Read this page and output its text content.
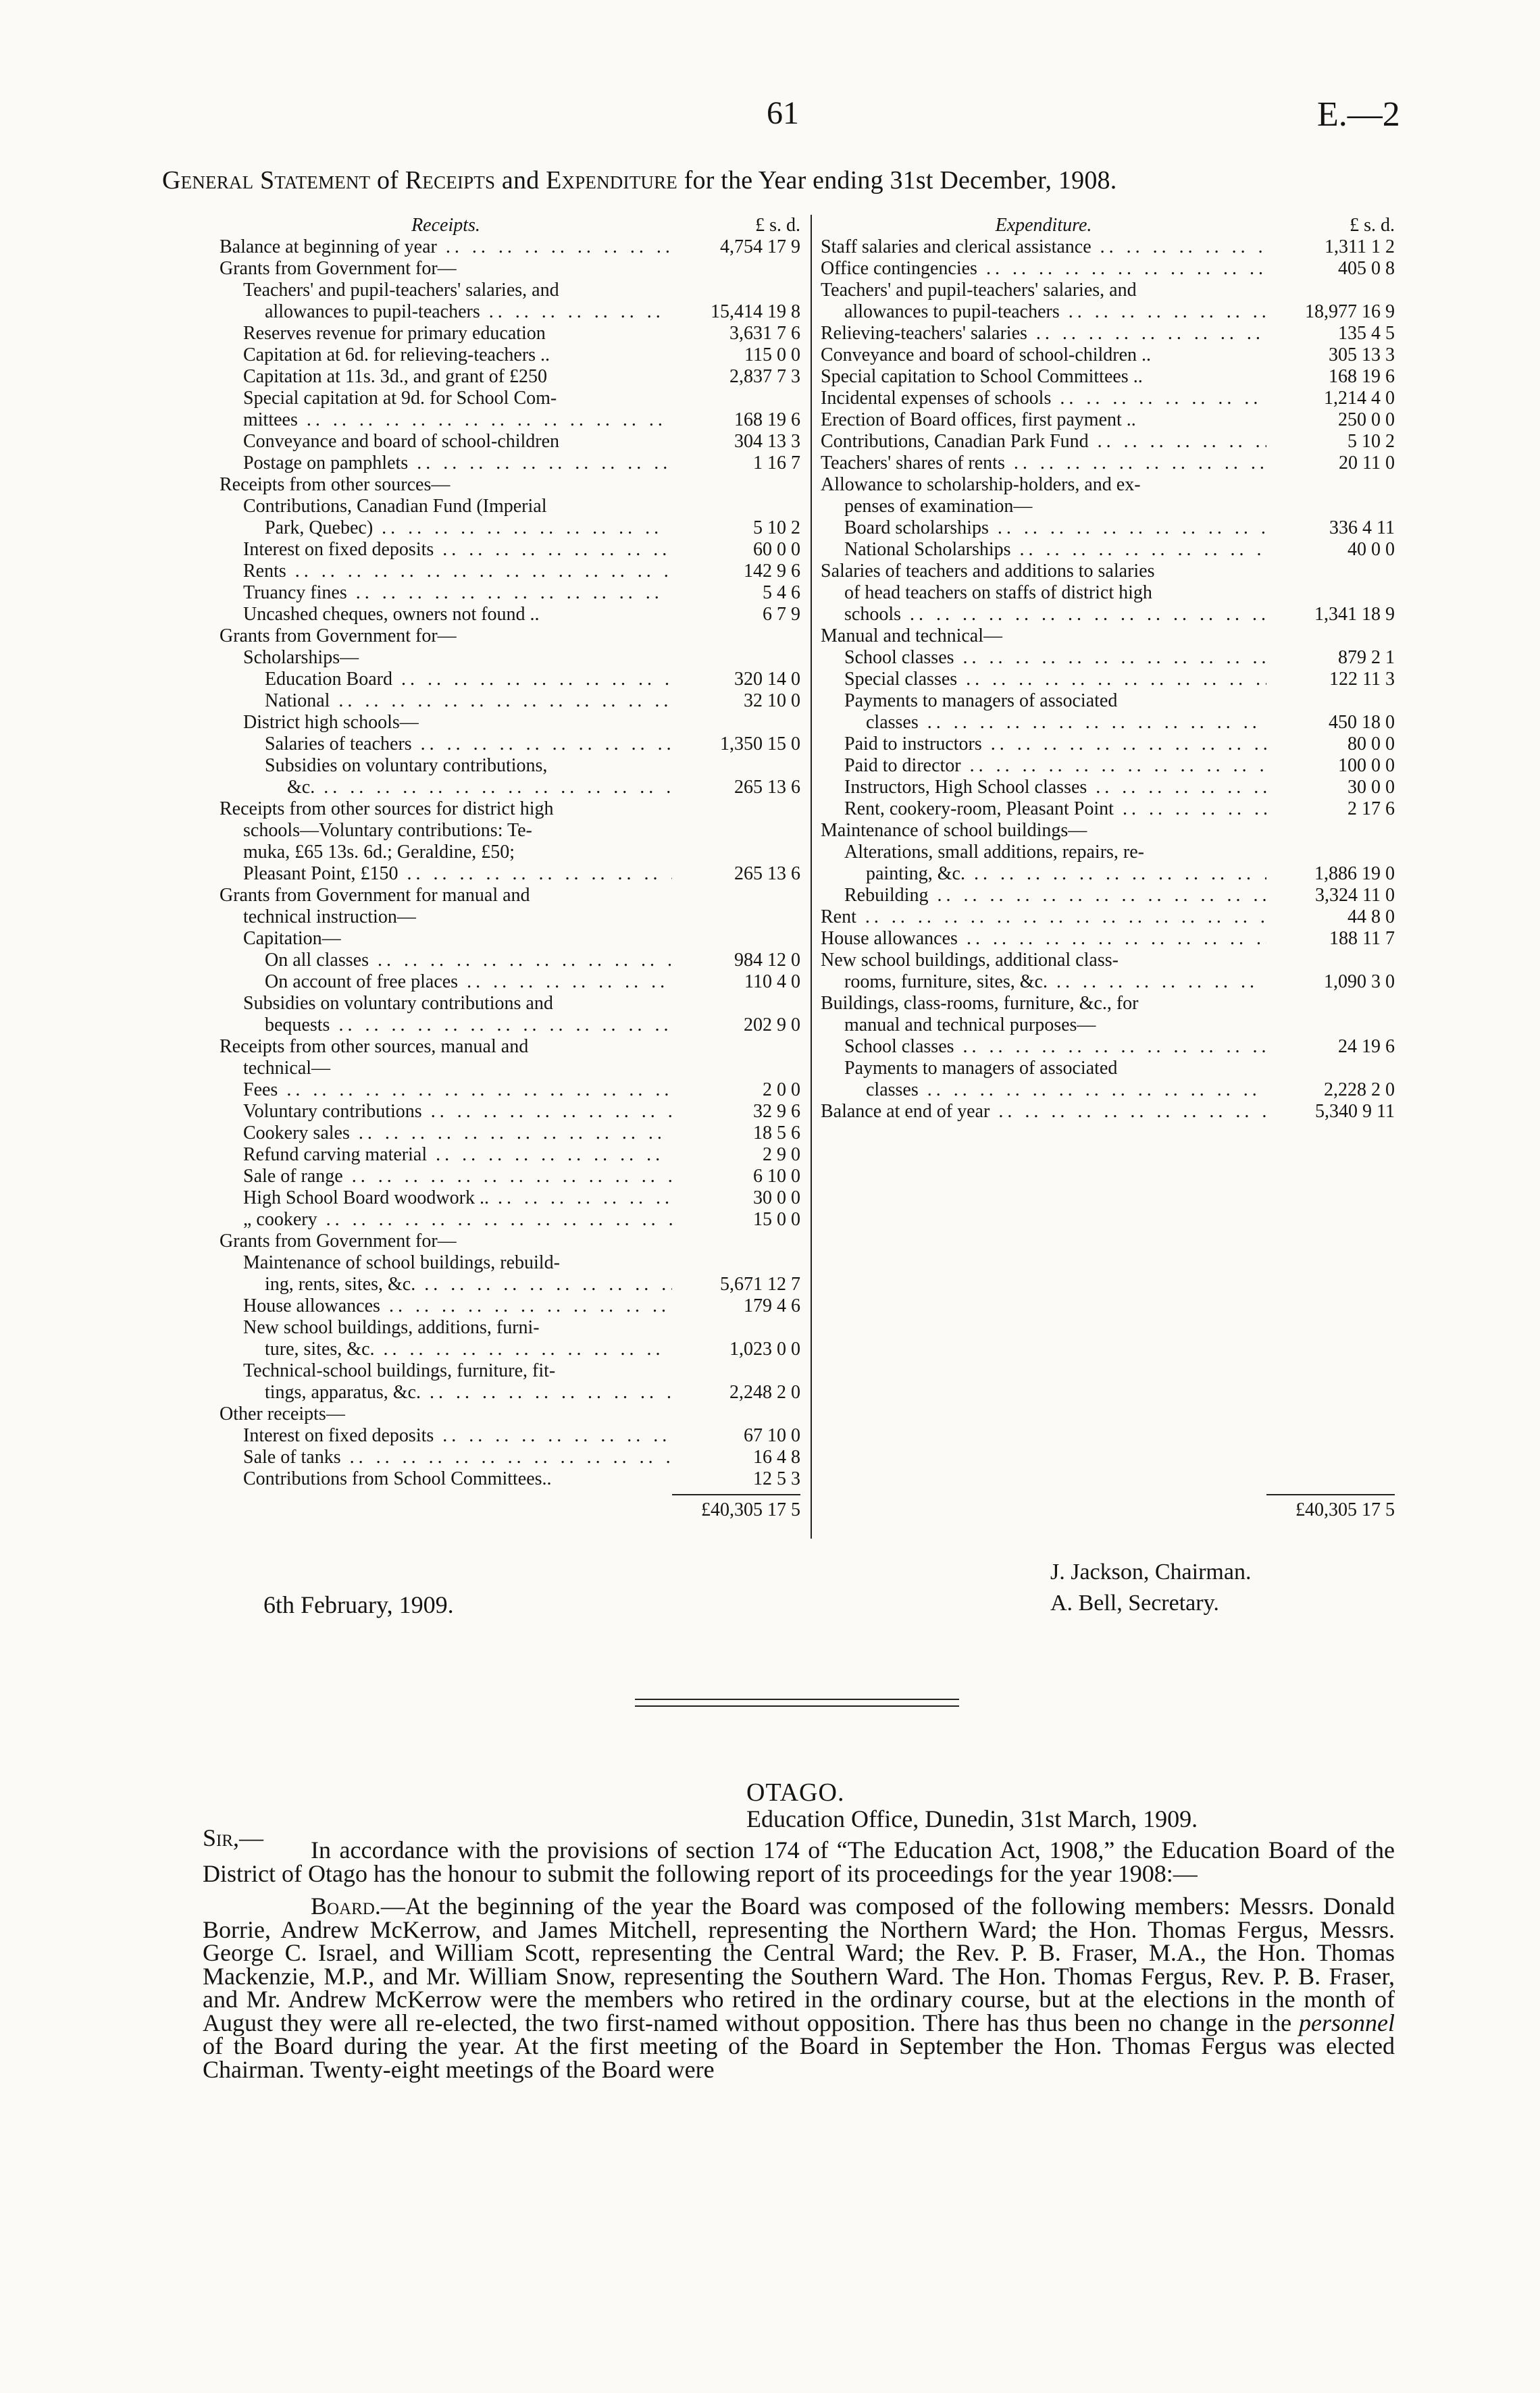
61	E.—2
General Statement of Receipts and Expenditure for the Year ending 31st December, 1908.
Receipts.	£ s. d.
Balance at beginning of year .. ..	4,754 17 9
Grants from Government for—
Teachers' and pupil-teachers' salaries, and
allowances to pupil-teachers .. ..	15,414 19 8
Reserves revenue for primary education	3,631 7 6
Capitation at 6d. for relieving-teachers ..	115 0 0
Capitation at 11s. 3d., and grant of £250	2,837 7 3
Special capitation at 9d. for School Com-
mittees .. ..	168 19 6
Conveyance and board of school-children	304 13 3
Postage on pamphlets .. ..	1 16 7
Receipts from other sources—
Contributions, Canadian Fund (Imperial
Park, Quebec) .. ..	5 10 2
Interest on fixed deposits .. ..	60 0 0
Rents .. ..	142 9 6
Truancy fines .. ..	5 4 6
Uncashed cheques, owners not found ..	6 7 9
Grants from Government for—
Scholarships—
Education Board .. ..	320 14 0
National .. ..	32 10 0
District high schools—
Salaries of teachers .. ..	1,350 15 0
Subsidies on voluntary contributions,
&c. .. ..	265 13 6
Receipts from other sources for district high
schools—Voluntary contributions: Te-
muka, £65 13s. 6d.; Geraldine, £50;
Pleasant Point, £150 .. ..	265 13 6
Grants from Government for manual and
technical instruction—
Capitation—
On all classes .. ..	984 12 0
On account of free places .. ..	110 4 0
Subsidies on voluntary contributions and
bequests .. ..	202 9 0
Receipts from other sources, manual and
technical—
Fees .. ..	2 0 0
Voluntary contributions .. ..	32 9 6
Cookery sales .. ..	18 5 6
Refund carving material .. ..	2 9 0
Sale of range .. ..	6 10 0
High School Board woodwork .. .. ..	30 0 0
„ cookery .. ..	15 0 0
Grants from Government for—
Maintenance of school buildings, rebuild-
ing, rents, sites, &c. .. ..	5,671 12 7
House allowances .. ..	179 4 6
New school buildings, additions, furni-
ture, sites, &c. .. ..	1,023 0 0
Technical-school buildings, furniture, fit-
tings, apparatus, &c. .. ..	2,248 2 0
Other receipts—
Interest on fixed deposits .. ..	67 10 0
Sale of tanks .. ..	16 4 8
Contributions from School Committees..	12 5 3
£40,305 17 5
Expenditure.	£ s. d.
Staff salaries and clerical assistance .. ..	1,311 1 2
Office contingencies .. ..	405 0 8
Teachers' and pupil-teachers' salaries, and
allowances to pupil-teachers .. ..	18,977 16 9
Relieving-teachers' salaries .. ..	135 4 5
Conveyance and board of school-children ..	305 13 3
Special capitation to School Committees ..	168 19 6
Incidental expenses of schools .. ..	1,214 4 0
Erection of Board offices, first payment ..	250 0 0
Contributions, Canadian Park Fund .. ..	5 10 2
Teachers' shares of rents .. ..	20 11 0
Allowance to scholarship-holders, and ex-
penses of examination—
Board scholarships .. ..	336 4 11
National Scholarships .. ..	40 0 0
Salaries of teachers and additions to salaries
of head teachers on staffs of district high
schools .. ..	1,341 18 9
Manual and technical—
School classes .. ..	879 2 1
Special classes .. ..	122 11 3
Payments to managers of associated
classes .. ..	450 18 0
Paid to instructors .. ..	80 0 0
Paid to director .. ..	100 0 0
Instructors, High School classes .. ..	30 0 0
Rent, cookery-room, Pleasant Point .. ..	2 17 6
Maintenance of school buildings—
Alterations, small additions, repairs, re-
painting, &c. .. ..	1,886 19 0
Rebuilding .. ..	3,324 11 0
Rent .. ..	44 8 0
House allowances .. ..	188 11 7
New school buildings, additional class-
rooms, furniture, sites, &c. .. ..	1,090 3 0
Buildings, class-rooms, furniture, &c., for
manual and technical purposes—
School classes .. ..	24 19 6
Payments to managers of associated
classes .. ..	2,228 2 0
Balance at end of year .. ..	5,340 9 11
£40,305 17 5
6th February, 1909.
J. Jackson, Chairman.
A. Bell, Secretary.
OTAGO.
Education Office, Dunedin, 31st March, 1909.
Sir,—	In accordance with the provisions of section 174 of “The Education Act, 1908,” the Education Board of the District of Otago has the honour to submit the following report of its proceedings for the year 1908:—

Board.—At the beginning of the year the Board was composed of the following members: Messrs. Donald Borrie, Andrew McKerrow, and James Mitchell, representing the Northern Ward; the Hon. Thomas Fergus, Messrs. George C. Israel, and William Scott, representing the Central Ward; the Rev. P. B. Fraser, M.A., the Hon. Thomas Mackenzie, M.P., and Mr. William Snow, representing the Southern Ward. The Hon. Thomas Fergus, Rev. P. B. Fraser, and Mr. Andrew McKerrow were the members who retired in the ordinary course, but at the elections in the month of August they were all re-elected, the two first-named without opposition. There has thus been no change in the personnel of the Board during the year. At the first meeting of the Board in September the Hon. Thomas Fergus was elected Chairman. Twenty-eight meetings of the Board were
